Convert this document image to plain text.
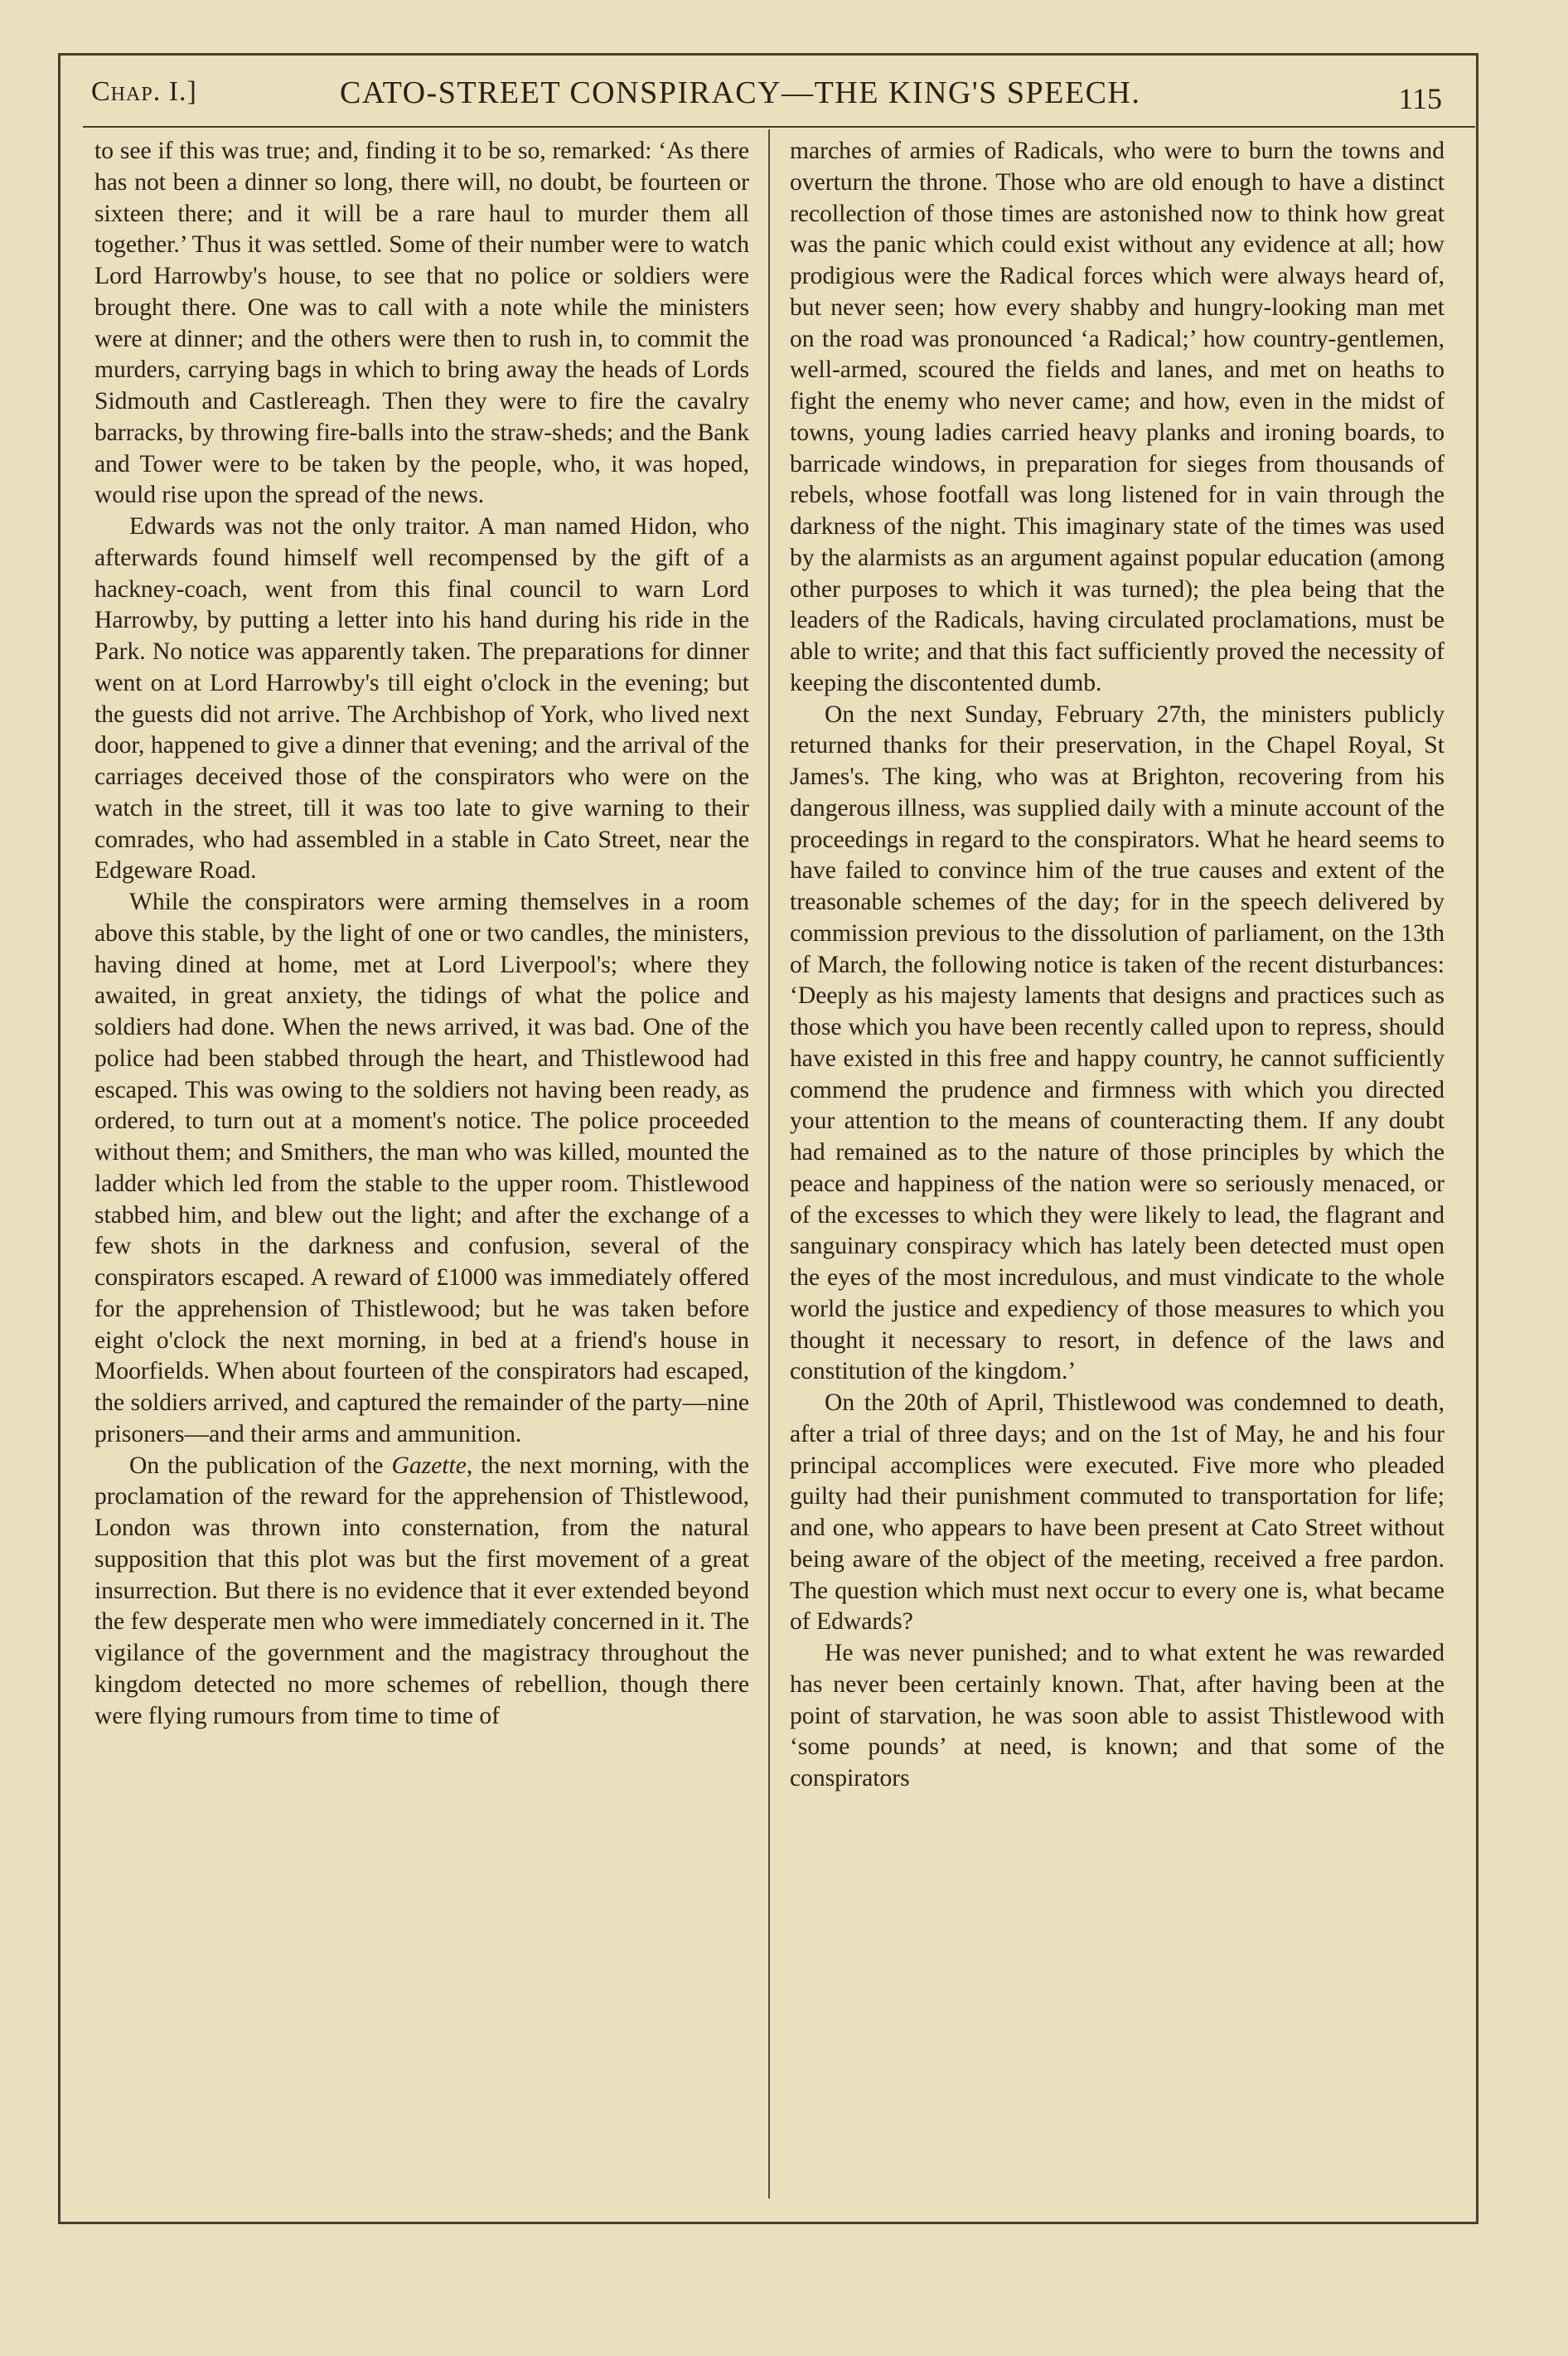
Chap. I.]	CATO-STREET CONSPIRACY—THE KING'S SPEECH.	115

to see if this was true; and, finding it to be so, remarked: ‘As there has not been a dinner so long, there will, no doubt, be fourteen or sixteen there; and it will be a rare haul to murder them all together.’ Thus it was settled. Some of their number were to watch Lord Harrowby's house, to see that no police or soldiers were brought there. One was to call with a note while the ministers were at dinner; and the others were then to rush in, to commit the murders, carrying bags in which to bring away the heads of Lords Sidmouth and Castlereagh. Then they were to fire the cavalry barracks, by throwing fire-balls into the straw-sheds; and the Bank and Tower were to be taken by the people, who, it was hoped, would rise upon the spread of the news.

Edwards was not the only traitor. A man named Hidon, who afterwards found himself well recompensed by the gift of a hackney-coach, went from this final council to warn Lord Harrowby, by putting a letter into his hand during his ride in the Park. No notice was apparently taken. The preparations for dinner went on at Lord Harrowby's till eight o'clock in the evening; but the guests did not arrive. The Archbishop of York, who lived next door, happened to give a dinner that evening; and the arrival of the carriages deceived those of the conspirators who were on the watch in the street, till it was too late to give warning to their comrades, who had assembled in a stable in Cato Street, near the Edgeware Road.

While the conspirators were arming themselves in a room above this stable, by the light of one or two candles, the ministers, having dined at home, met at Lord Liverpool's; where they awaited, in great anxiety, the tidings of what the police and soldiers had done. When the news arrived, it was bad. One of the police had been stabbed through the heart, and Thistlewood had escaped. This was owing to the soldiers not having been ready, as ordered, to turn out at a moment's notice. The police proceeded without them; and Smithers, the man who was killed, mounted the ladder which led from the stable to the upper room. Thistlewood stabbed him, and blew out the light; and after the exchange of a few shots in the darkness and confusion, several of the conspirators escaped. A reward of £1000 was immediately offered for the apprehension of Thistlewood; but he was taken before eight o'clock the next morning, in bed at a friend's house in Moorfields. When about fourteen of the conspirators had escaped, the soldiers arrived, and captured the remainder of the party—nine prisoners—and their arms and ammunition.

On the publication of the Gazette, the next morning, with the proclamation of the reward for the apprehension of Thistlewood, London was thrown into consternation, from the natural supposition that this plot was but the first movement of a great insurrection. But there is no evidence that it ever extended beyond the few desperate men who were immediately concerned in it. The vigilance of the government and the magistracy throughout the kingdom detected no more schemes of rebellion, though there were flying rumours from time to time of

marches of armies of Radicals, who were to burn the towns and overturn the throne. Those who are old enough to have a distinct recollection of those times are astonished now to think how great was the panic which could exist without any evidence at all; how prodigious were the Radical forces which were always heard of, but never seen; how every shabby and hungry-looking man met on the road was pronounced ‘a Radical;’ how country-gentlemen, well-armed, scoured the fields and lanes, and met on heaths to fight the enemy who never came; and how, even in the midst of towns, young ladies carried heavy planks and ironing boards, to barricade windows, in preparation for sieges from thousands of rebels, whose footfall was long listened for in vain through the darkness of the night. This imaginary state of the times was used by the alarmists as an argument against popular education (among other purposes to which it was turned); the plea being that the leaders of the Radicals, having circulated proclamations, must be able to write; and that this fact sufficiently proved the necessity of keeping the discontented dumb.

On the next Sunday, February 27th, the ministers publicly returned thanks for their preservation, in the Chapel Royal, St James's. The king, who was at Brighton, recovering from his dangerous illness, was supplied daily with a minute account of the proceedings in regard to the conspirators. What he heard seems to have failed to convince him of the true causes and extent of the treasonable schemes of the day; for in the speech delivered by commission previous to the dissolution of parliament, on the 13th of March, the following notice is taken of the recent disturbances: ‘Deeply as his majesty laments that designs and practices such as those which you have been recently called upon to repress, should have existed in this free and happy country, he cannot sufficiently commend the prudence and firmness with which you directed your attention to the means of counteracting them. If any doubt had remained as to the nature of those principles by which the peace and happiness of the nation were so seriously menaced, or of the excesses to which they were likely to lead, the flagrant and sanguinary conspiracy which has lately been detected must open the eyes of the most incredulous, and must vindicate to the whole world the justice and expediency of those measures to which you thought it necessary to resort, in defence of the laws and constitution of the kingdom.’

On the 20th of April, Thistlewood was condemned to death, after a trial of three days; and on the 1st of May, he and his four principal accomplices were executed. Five more who pleaded guilty had their punishment commuted to transportation for life; and one, who appears to have been present at Cato Street without being aware of the object of the meeting, received a free pardon. The question which must next occur to every one is, what became of Edwards?

He was never punished; and to what extent he was rewarded has never been certainly known. That, after having been at the point of starvation, he was soon able to assist Thistlewood with ‘some pounds’ at need, is known; and that some of the conspirators
